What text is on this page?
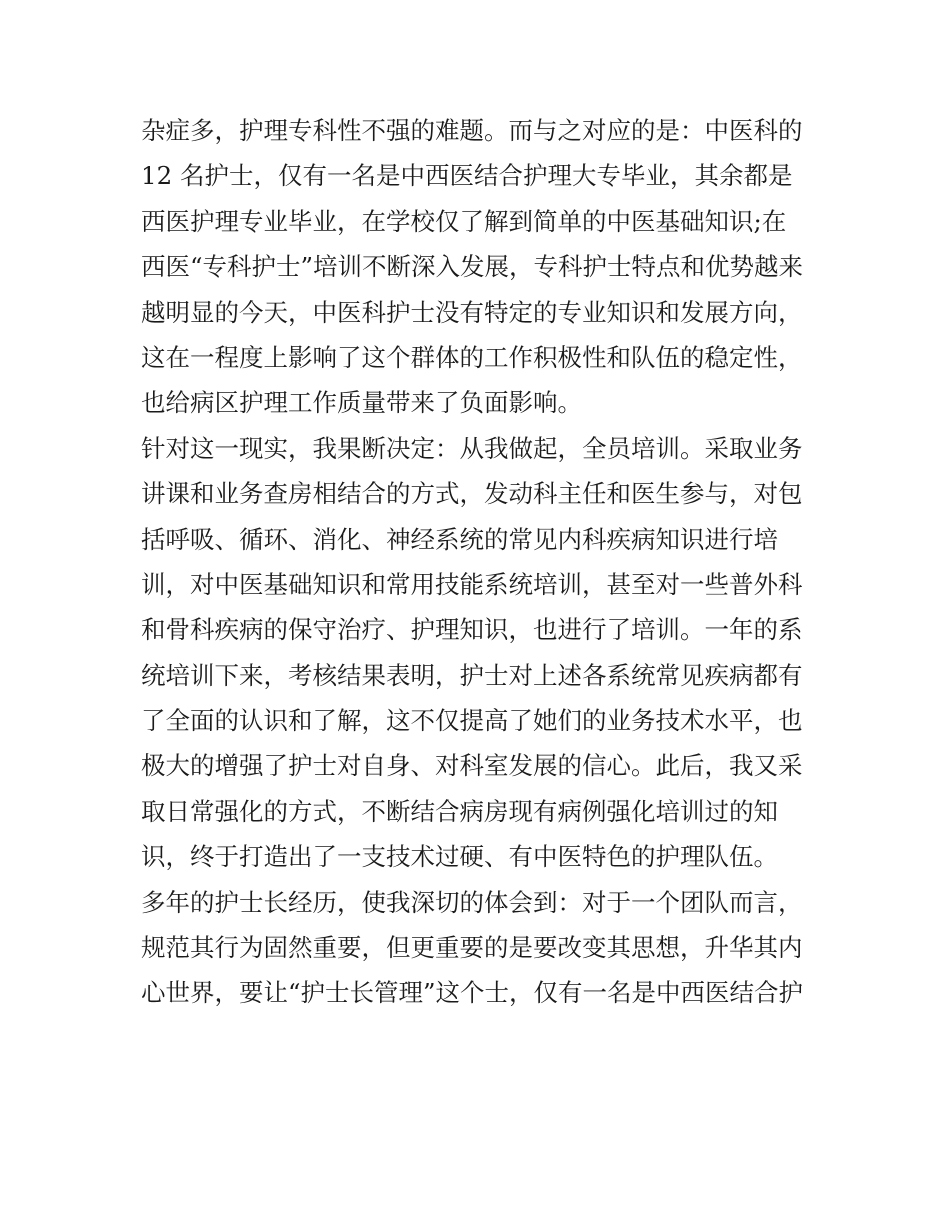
杂症多，护理专科性不强的难题。而与之对应的是：中医科的
12 名护士，仅有一名是中西医结合护理大专毕业，其余都是
西医护理专业毕业，在学校仅了解到简单的中医基础知识;在
西医“专科护士”培训不断深入发展，专科护士特点和优势越来
越明显的今天，中医科护士没有特定的专业知识和发展方向，
这在一程度上影响了这个群体的工作积极性和队伍的稳定性，
也给病区护理工作质量带来了负面影响。
针对这一现实，我果断决定：从我做起，全员培训。采取业务
讲课和业务查房相结合的方式，发动科主任和医生参与，对包
括呼吸、循环、消化、神经系统的常见内科疾病知识进行培
训，对中医基础知识和常用技能系统培训，甚至对一些普外科
和骨科疾病的保守治疗、护理知识，也进行了培训。一年的系
统培训下来，考核结果表明，护士对上述各系统常见疾病都有
了全面的认识和了解，这不仅提高了她们的业务技术水平，也
极大的增强了护士对自身、对科室发展的信心。此后，我又采
取日常强化的方式，不断结合病房现有病例强化培训过的知
识，终于打造出了一支技术过硬、有中医特色的护理队伍。
多年的护士长经历，使我深切的体会到：对于一个团队而言，
规范其行为固然重要，但更重要的是要改变其思想，升华其内
心世界，要让“护士长管理”这个士，仅有一名是中西医结合护
